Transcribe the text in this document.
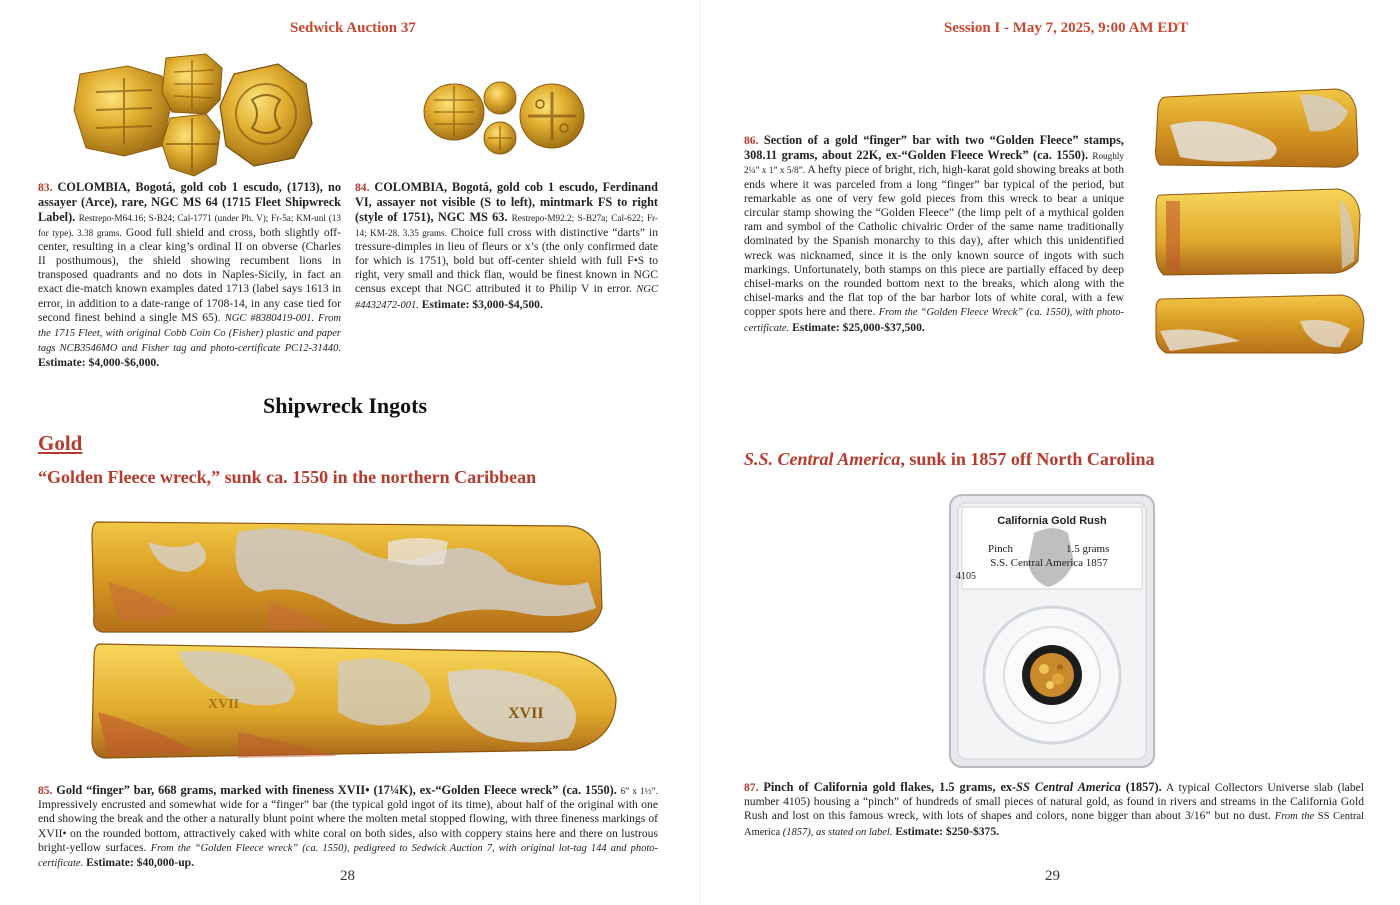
Sedwick Auction 37
83. COLOMBIA, Bogotá, gold cob 1 escudo, (1713), no assayer (Arce), rare, NGC MS 64 (1715 Fleet Shipwreck Label). Restrepo-M64.16; S-B24; Cal-1771 (under Ph. V); Fr-5a; KM-unl (13 for type). 3.38 grams. Good full shield and cross, both slightly off-center, resulting in a clear king’s ordinal II on obverse (Charles II posthumous), the shield showing recumbent lions in transposed quadrants and no dots in Naples-Sicily, in fact an exact die-match known examples dated 1713 (label says 1613 in error, in addition to a date-range of 1708-14, in any case tied for second finest behind a single MS 65). NGC #8380419-001. From the 1715 Fleet, with original Cobb Coin Co (Fisher) plastic and paper tags NCB3546MO and Fisher tag and photo-certificate PC12-31440. Estimate: $4,000-$6,000.
84. COLOMBIA, Bogotá, gold cob 1 escudo, Ferdinand VI, assayer not visible (S to left), mintmark FS to right (style of 1751), NGC MS 63. Restrepo-M92.2; S-B27a; Cal-622; Fr-14; KM-28. 3.35 grams. Choice full cross with distinctive “darts” in tressure-dimples in lieu of fleurs or x’s (the only confirmed date for which is 1751), bold but off-center shield with full F•S to right, very small and thick flan, would be finest known in NGC census except that NGC attributed it to Philip V in error. NGC #4432472-001. Estimate: $3,000-$4,500.
Shipwreck Ingots
Gold
“Golden Fleece wreck,” sunk ca. 1550 in the northern Caribbean
XVII
XVII
85. Gold “finger” bar, 668 grams, marked with fineness XVII• (17¼K), ex-“Golden Fleece wreck” (ca. 1550). 6” x 1½”. Impressively encrusted and somewhat wide for a “finger” bar (the typical gold ingot of its time), about half of the original with one end showing the break and the other a naturally blunt point where the molten metal stopped flowing, with three fineness markings of XVII• on the rounded bottom, attractively caked with white coral on both sides, also with coppery stains here and there on lustrous bright-yellow surfaces. From the “Golden Fleece wreck” (ca. 1550), pedigreed to Sedwick Auction 7, with original lot-tag 144 and photo-certificate. Estimate: $40,000-up.
28
Session I - May 7, 2025, 9:00 AM EDT
86. Section of a gold “finger” bar with two “Golden Fleece” stamps, 308.11 grams, about 22K, ex-“Golden Fleece Wreck” (ca. 1550). Roughly 2¼” x 1” x 5/8”. A hefty piece of bright, rich, high-karat gold showing breaks at both ends where it was parceled from a long “finger” bar typical of the period, but remarkable as one of very few gold pieces from this wreck to bear a unique circular stamp showing the “Golden Fleece” (the limp pelt of a mythical golden ram and symbol of the Catholic chivalric Order of the same name traditionally dominated by the Spanish monarchy to this day), after which this unidentified wreck was nicknamed, since it is the only known source of ingots with such markings. Unfortunately, both stamps on this piece are partially effaced by deep chisel-marks on the rounded bottom next to the breaks, which along with the chisel-marks and the flat top of the bar harbor lots of white coral, with a few copper spots here and there. From the “Golden Fleece Wreck” (ca. 1550), with photo-certificate. Estimate: $25,000-$37,500.
S.S. Central America, sunk in 1857 off North Carolina
California Gold Rush
Pinch	1.5 grams
S.S. Central America 1857
4105
87. Pinch of California gold flakes, 1.5 grams, ex-SS Central America (1857). A typical Collectors Universe slab (label number 4105) housing a “pinch” of hundreds of small pieces of natural gold, as found in rivers and streams in the California Gold Rush and lost on this famous wreck, with lots of shapes and colors, none bigger than about 3/16” but no dust. From the SS Central America (1857), as stated on label. Estimate: $250-$375.
29
